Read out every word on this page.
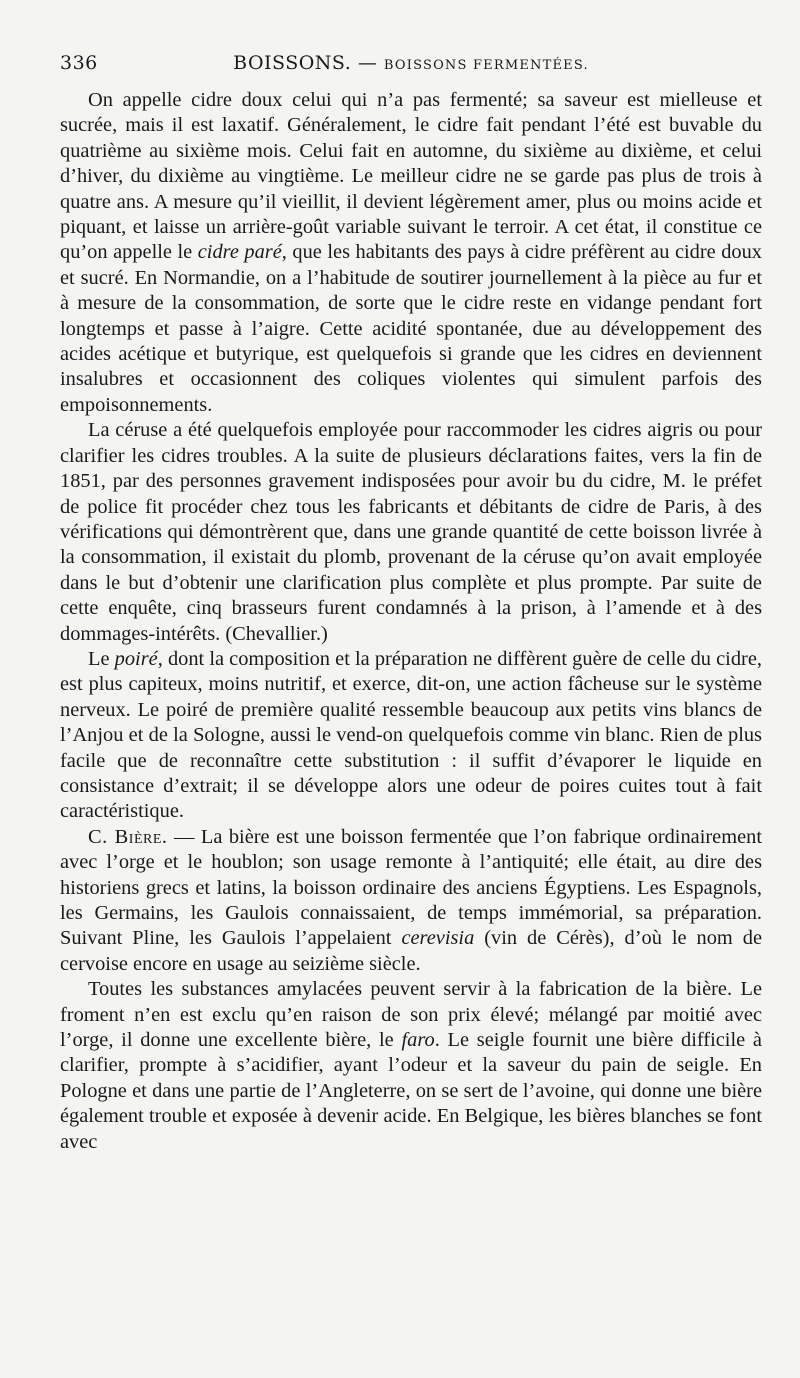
336	BOISSONS. — BOISSONS FERMENTÉES.

On appelle cidre doux celui qui n’a pas fermenté; sa saveur est mielleuse et sucrée, mais il est laxatif. Généralement, le cidre fait pendant l’été est buvable du quatrième au sixième mois. Celui fait en automne, du sixième au dixième, et celui d’hiver, du dixième au vingtième. Le meilleur cidre ne se garde pas plus de trois à quatre ans. A mesure qu’il vieillit, il devient légèrement amer, plus ou moins acide et piquant, et laisse un arrière-goût variable suivant le terroir. A cet état, il constitue ce qu’on appelle le cidre paré, que les habitants des pays à cidre préfèrent au cidre doux et sucré. En Normandie, on a l’habitude de soutirer journellement à la pièce au fur et à mesure de la consommation, de sorte que le cidre reste en vidange pendant fort longtemps et passe à l’aigre. Cette acidité spontanée, due au développement des acides acétique et butyrique, est quelquefois si grande que les cidres en deviennent insalubres et occasionnent des coliques violentes qui simulent parfois des empoisonnements.

La céruse a été quelquefois employée pour raccommoder les cidres aigris ou pour clarifier les cidres troubles. A la suite de plusieurs déclarations faites, vers la fin de 1851, par des personnes gravement indisposées pour avoir bu du cidre, M. le préfet de police fit procéder chez tous les fabricants et débitants de cidre de Paris, à des vérifications qui démontrèrent que, dans une grande quantité de cette boisson livrée à la consommation, il existait du plomb, provenant de la céruse qu’on avait employée dans le but d’obtenir une clarification plus complète et plus prompte. Par suite de cette enquête, cinq brasseurs furent condamnés à la prison, à l’amende et à des dommages-intérêts. (Chevallier.)

Le poiré, dont la composition et la préparation ne diffèrent guère de celle du cidre, est plus capiteux, moins nutritif, et exerce, dit-on, une action fâcheuse sur le système nerveux. Le poiré de première qualité ressemble beaucoup aux petits vins blancs de l’Anjou et de la Sologne, aussi le vend-on quelquefois comme vin blanc. Rien de plus facile que de reconnaître cette substitution : il suffit d’évaporer le liquide en consistance d’extrait; il se développe alors une odeur de poires cuites tout à fait caractéristique.

C. Bière. — La bière est une boisson fermentée que l’on fabrique ordinairement avec l’orge et le houblon; son usage remonte à l’antiquité; elle était, au dire des historiens grecs et latins, la boisson ordinaire des anciens Égyptiens. Les Espagnols, les Germains, les Gaulois connaissaient, de temps immémorial, sa préparation. Suivant Pline, les Gaulois l’appelaient cerevisia (vin de Cérès), d’où le nom de cervoise encore en usage au seizième siècle.

Toutes les substances amylacées peuvent servir à la fabrication de la bière. Le froment n’en est exclu qu’en raison de son prix élevé; mélangé par moitié avec l’orge, il donne une excellente bière, le faro. Le seigle fournit une bière difficile à clarifier, prompte à s’acidifier, ayant l’odeur et la saveur du pain de seigle. En Pologne et dans une partie de l’Angleterre, on se sert de l’avoine, qui donne une bière également trouble et exposée à devenir acide. En Belgique, les bières blanches se font avec
